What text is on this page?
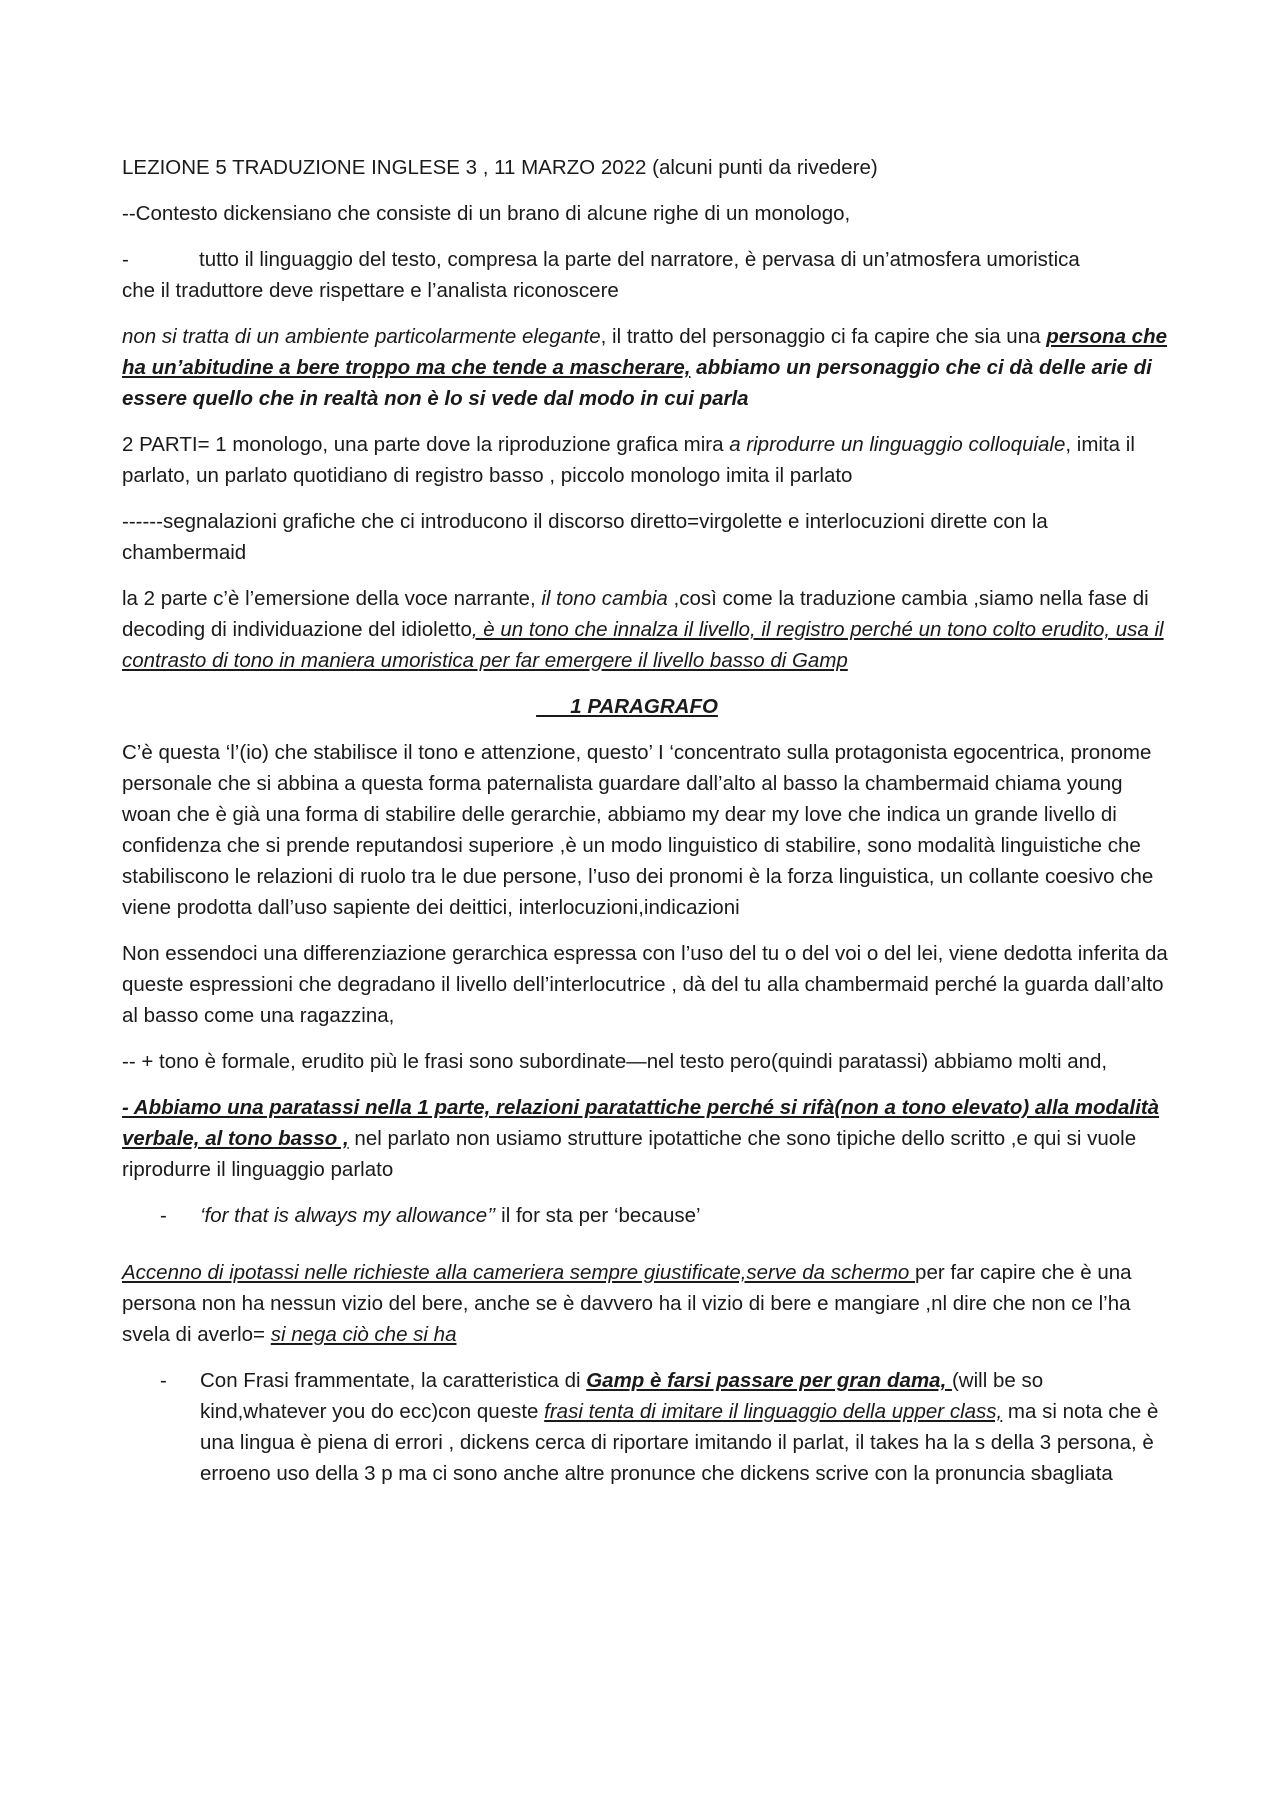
LEZIONE 5 TRADUZIONE INGLESE 3 , 11 MARZO 2022 (alcuni punti da rivedere)

--Contesto dickensiano che consiste di un brano di alcune righe di un monologo,

-	tutto il linguaggio del testo, compresa la parte del narratore, è pervasa di un’atmosfera umoristica
che il traduttore deve rispettare e l’analista riconoscere

non si tratta di un ambiente particolarmente elegante, il tratto del personaggio ci fa capire che sia una persona che ha un’abitudine a bere troppo ma che tende a mascherare, abbiamo un personaggio che ci dà delle arie di essere quello che in realtà non è lo si vede dal modo in cui parla

2 PARTI= 1 monologo, una parte dove la riproduzione grafica mira a riprodurre un linguaggio colloquiale, imita il parlato, un parlato quotidiano di registro basso , piccolo monologo imita il parlato

------segnalazioni grafiche che ci introducono il discorso diretto=virgolette e interlocuzioni dirette con la chambermaid

la 2 parte c’è l’emersione della voce narrante, il tono cambia ,così come la traduzione cambia ,siamo nella fase di decoding di individuazione del idioletto, è un tono che innalza il livello, il registro perché un tono colto erudito, usa il contrasto di tono in maniera umoristica per far emergere il livello basso di Gamp

1 PARAGRAFO

C’è questa ‘l’(io) che stabilisce il tono e attenzione, questo’ I ‘concentrato sulla protagonista egocentrica, pronome personale che si abbina a questa forma paternalista guardare dall’alto al basso la chambermaid chiama young woan che è già una forma di stabilire delle gerarchie, abbiamo my dear my love che indica un grande livello di confidenza che si prende reputandosi superiore ,è un modo linguistico di stabilire, sono modalità linguistiche che stabiliscono le relazioni di ruolo tra le due persone, l’uso dei pronomi è la forza linguistica, un collante coesivo che viene prodotta dall’uso sapiente dei deittici, interlocuzioni,indicazioni

Non essendoci una differenziazione gerarchica espressa con l’uso del tu o del voi o del lei, viene dedotta inferita da queste espressioni che degradano il livello dell’interlocutrice , dà del tu alla chambermaid perché la guarda dall’alto al basso come una ragazzina,

-- + tono è formale, erudito più le frasi sono subordinate—nel testo pero(quindi paratassi) abbiamo molti and,

- Abbiamo una paratassi nella 1 parte, relazioni paratattiche perché si rifà(non a tono elevato) alla modalità verbale, al tono basso , nel parlato non usiamo strutture ipotattiche che sono tipiche dello scritto ,e qui si vuole riprodurre il linguaggio parlato

-	‘for that is always my allowance’’ il for sta per ‘because’

Accenno di ipotassi nelle richieste alla cameriera sempre giustificate,serve da schermo per far capire che è una persona non ha nessun vizio del bere, anche se è davvero ha il vizio di bere e mangiare ,nl dire che non ce l’ha svela di averlo= si nega ciò che si ha

-	Con Frasi frammentate, la caratteristica di Gamp è farsi passare per gran dama, (will be so kind,whatever you do ecc)con queste frasi tenta di imitare il linguaggio della upper class, ma si nota che è una lingua è piena di errori , dickens cerca di riportare imitando il parlat, il takes ha la s della 3 persona, è erroeno uso della 3 p ma ci sono anche altre pronunce che dickens scrive con la pronuncia sbagliata
